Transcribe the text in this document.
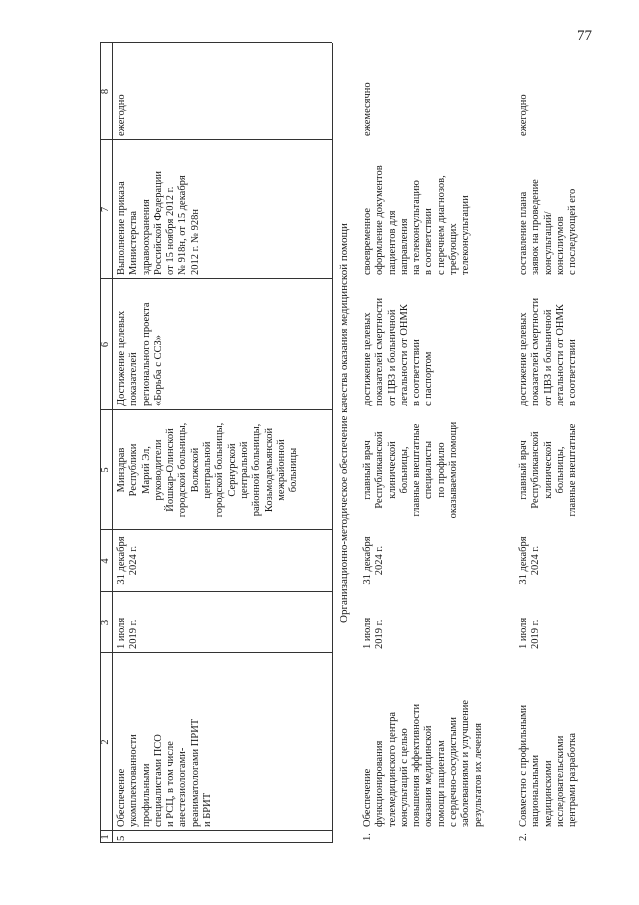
77
1
2
3
4
5
6
7
8
5
Обеспечение укомплектованности профильными специалистами ПСО и РСЦ, в том числе анестезиологами- реаниматологами ПРИТ и БРИТ
1 июля 2019 г.
31 декабря 2024 г.
Минздрав Республики Марий Эл, руководители Йошкар-Олинской городской больницы, Волжской центральной городской больницы, Сернурской центральной районной больницы, Козьмодемьянской межрайонной больницы
Достижение целевых показателей регионального проекта «Борьба с ССЗ»
Выполнение приказа Министерства здравоохранения Российской Федерации от 15 ноября 2012 г. № 918н, от 15 декабря 2012 г. № 928н
ежегодно
Организационно-методическое обеспечение качества оказания медицинской помощи
1.
Обеспечение функционирования телемедицинского центра консультаций с целью повышения эффективности оказания медицинской помощи пациентам с сердечно-сосудистыми заболеваниями и улучшение результатов их лечения
1 июля 2019 г.
31 декабря 2024 г.
главный врач Республиканской клинической больницы, главные внештатные специалисты по профилю оказываемой помощи
достижение целевых показателей смертности от ЦВЗ и больничной летальности от ОНМК в соответствии с паспортом
своевременное оформление документов пациентов для направления на телеконсультацию в соответствии с перечнем диагнозов, требующих телеконсультации
ежемесячно
2.
Совместно с профильными национальными медицинскими исследовательскими центрами разработка
1 июля 2019 г.
31 декабря 2024 г.
главный врач Республиканской клинической больницы, главные внештатные
достижение целевых показателей смертности от ЦВЗ и больничной летальности от ОНМК в соответствии
составление плана заявок на проведение консультаций/ консилиумов с последующей его
ежегодно
